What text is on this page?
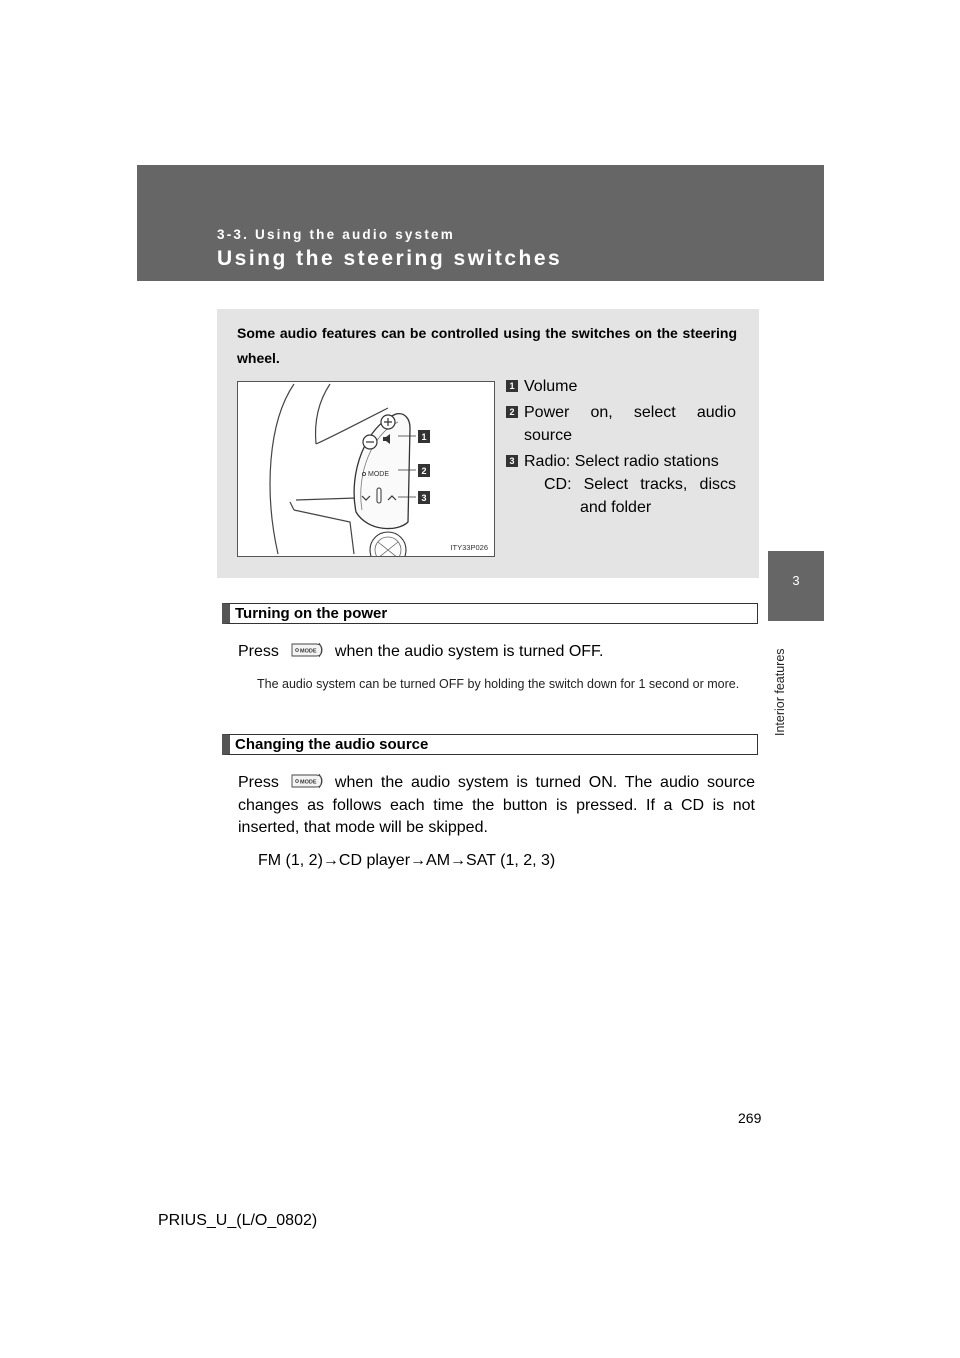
3-3. Using the audio system
Using the steering switches
3
Interior features
Some audio features can be controlled using the switches on the steering wheel.
MODE
1
2
3
ITY33P026
1 Volume
2 Power on, select audio source
3 Radio: Select radio stations
CD: Select tracks, discs
and folder
Turning on the power
Press	MODE when the audio system is turned OFF.
The audio system can be turned OFF by holding the switch down for 1 second or more.
Changing the audio source
Press	MODE when the audio system is turned ON. The audio source changes as follows each time the button is pressed. If a CD is not inserted, that mode will be skipped.
FM (1, 2)→CD player→AM→SAT (1, 2, 3)
269
PRIUS_U_(L/O_0802)
